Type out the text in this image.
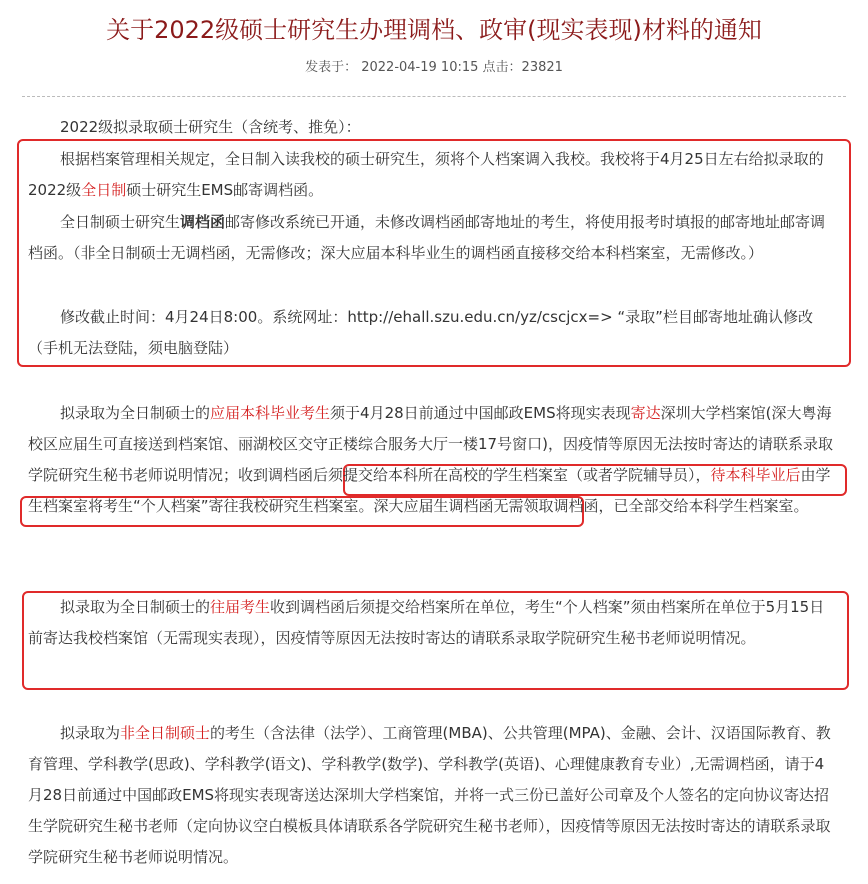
关于2022级硕士研究生办理调档、政审(现实表现)材料的通知
发表于： 2022-04-19 10:15 点击：23821

2022级拟录取硕士研究生（含统考、推免）：

根据档案管理相关规定，全日制入读我校的硕士研究生，须将个人档案调入我校。我校将于4月25日左右给拟录取的2022级全日制硕士研究生EMS邮寄调档函。

全日制硕士研究生调档函邮寄修改系统已开通，未修改调档函邮寄地址的考生，将使用报考时填报的邮寄地址邮寄调档函。（非全日制硕士无调档函，无需修改；深大应届本科毕业生的调档函直接移交给本科档案室，无需修改。）

修改截止时间：4月24日8:00。系统网址：http://ehall.szu.edu.cn/yz/cscjcx=> “录取”栏目邮寄地址确认修改（手机无法登陆，须电脑登陆）

拟录取为全日制硕士的应届本科毕业考生须于4月28日前通过中国邮政EMS将现实表现寄达深圳大学档案馆(深大粤海校区应届生可直接送到档案馆、丽湖校区交守正楼综合服务大厅一楼17号窗口)，因疫情等原因无法按时寄达的请联系录取学院研究生秘书老师说明情况；收到调档函后须提交给本科所在高校的学生档案室（或者学院辅导员），待本科毕业后由学生档案室将考生“个人档案”寄往我校研究生档案室。深大应届生调档函无需领取调档函，已全部交给本科学生档案室。

拟录取为全日制硕士的往届考生收到调档函后须提交给档案所在单位，考生“个人档案”须由档案所在单位于5月15日前寄达我校档案馆（无需现实表现），因疫情等原因无法按时寄达的请联系录取学院研究生秘书老师说明情况。

拟录取为非全日制硕士的考生（含法律（法学）、工商管理(MBA)、公共管理(MPA)、金融、会计、汉语国际教育、教育管理、学科教学(思政)、学科教学(语文)、学科教学(数学)、学科教学(英语)、心理健康教育专业）,无需调档函，请于4月28日前通过中国邮政EMS将现实表现寄送达深圳大学档案馆，并将一式三份已盖好公司章及个人签名的定向协议寄达招生学院研究生秘书老师（定向协议空白模板具体请联系各学院研究生秘书老师），因疫情等原因无法按时寄达的请联系录取学院研究生秘书老师说明情况。
